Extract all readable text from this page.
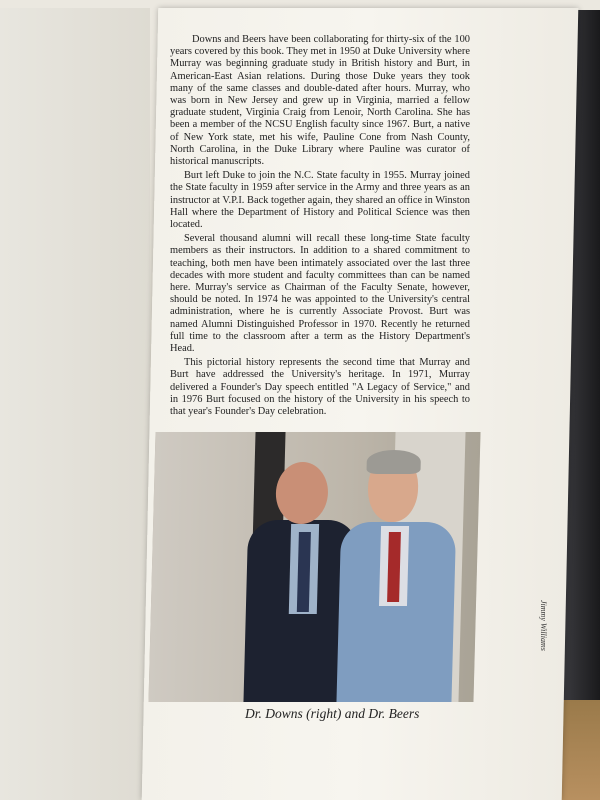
Downs and Beers have been collaborating for thirty-six of the 100 years covered by this book. They met in 1950 at Duke University where Murray was beginning graduate study in British history and Burt, in American-East Asian relations. During those Duke years they took many of the same classes and double-dated after hours. Murray, who was born in New Jersey and grew up in Virginia, married a fellow graduate student, Virginia Craig from Lenoir, North Carolina. She has been a member of the NCSU English faculty since 1967. Burt, a native of New York state, met his wife, Pauline Cone from Nash County, North Carolina, in the Duke Library where Pauline was curator of historical manuscripts.

Burt left Duke to join the N.C. State faculty in 1955. Murray joined the State faculty in 1959 after service in the Army and three years as an instructor at V.P.I. Back together again, they shared an office in Winston Hall where the Department of History and Political Science was then located.

Several thousand alumni will recall these long-time State faculty members as their instructors. In addition to a shared commitment to teaching, both men have been intimately associated over the last three decades with more student and faculty committees than can be named here. Murray's service as Chairman of the Faculty Senate, however, should be noted. In 1974 he was appointed to the University's central administration, where he is currently Associate Provost. Burt was named Alumni Distinguished Professor in 1970. Recently he returned full time to the classroom after a term as the History Department's Head.

This pictorial history represents the second time that Murray and Burt have addressed the University's heritage. In 1971, Murray delivered a Founder's Day speech entitled "A Legacy of Service," and in 1976 Burt focused on the history of the University in his speech to that year's Founder's Day celebration.

Jimmy Williams
Dr. Downs (right) and Dr. Beers
